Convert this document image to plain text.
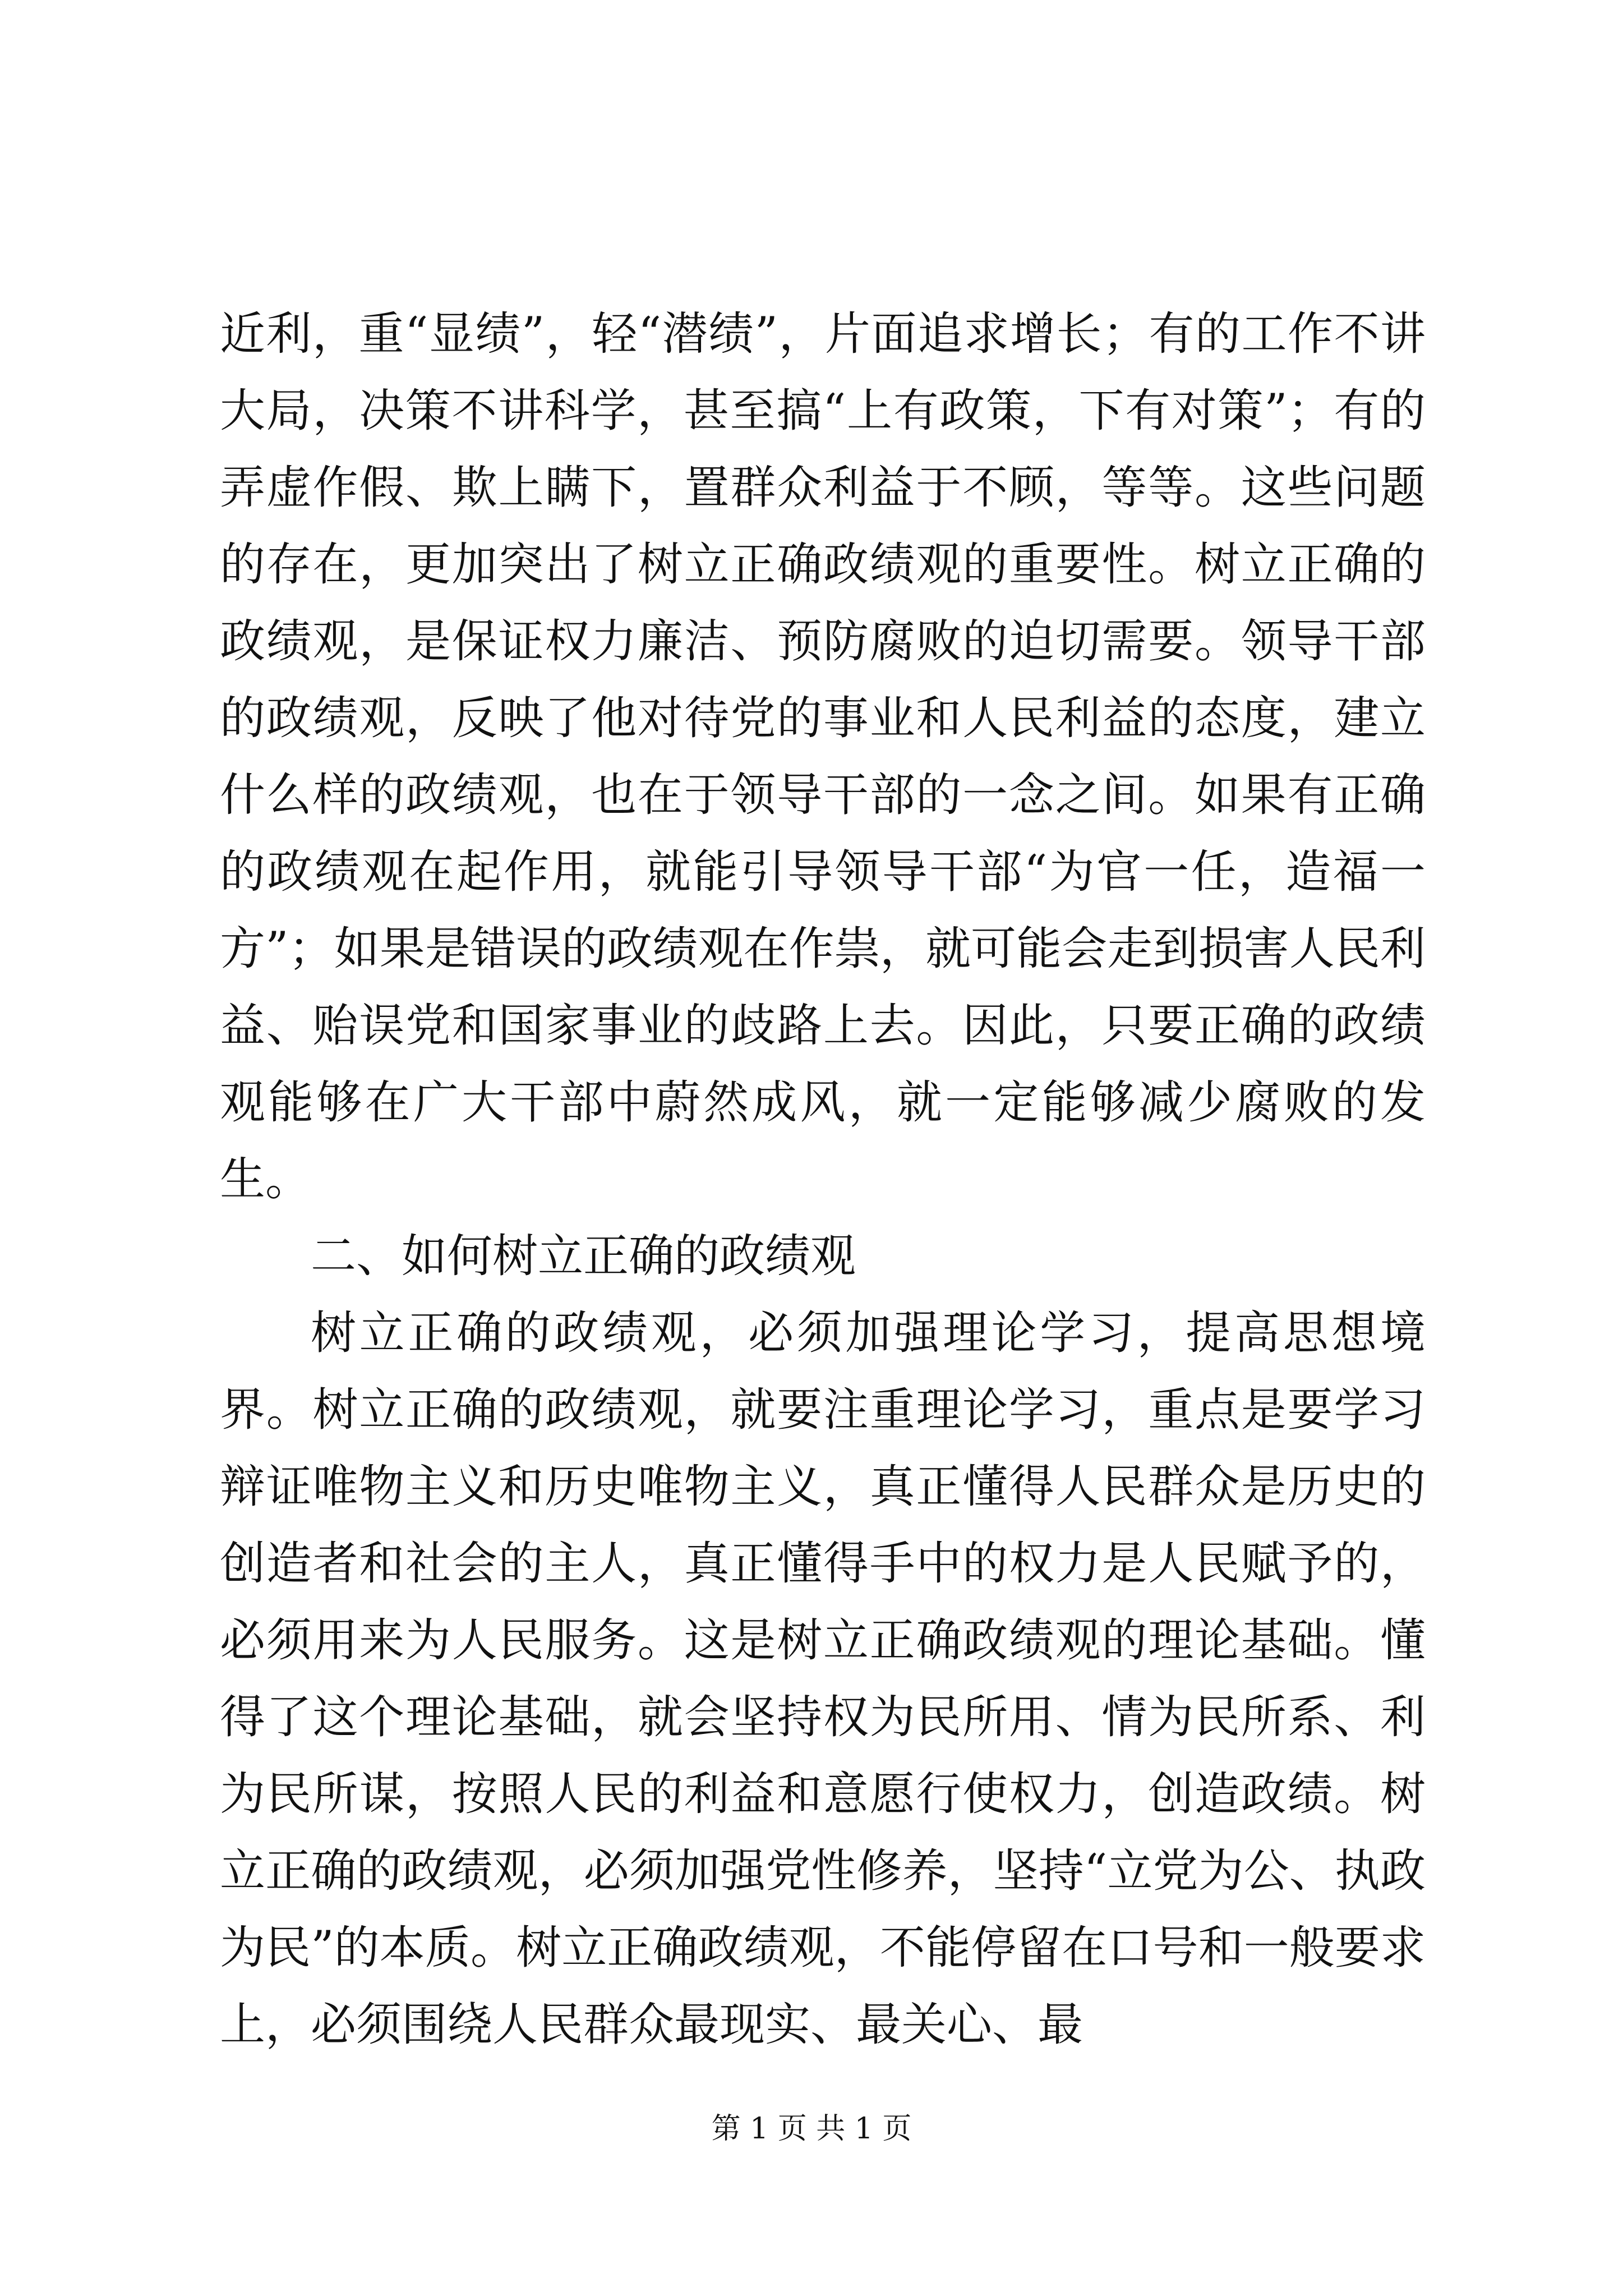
近利，重“显绩”，轻“潜绩”，片面追求增长；有的工作不讲大局，决策不讲科学，甚至搞“上有政策，下有对策”；有的弄虚作假、欺上瞒下，置群众利益于不顾，等等。这些问题的存在，更加突出了树立正确政绩观的重要性。树立正确的政绩观，是保证权力廉洁、预防腐败的迫切需要。领导干部的政绩观，反映了他对待党的事业和人民利益的态度，建立什么样的政绩观，也在于领导干部的一念之间。如果有正确的政绩观在起作用，就能引导领导干部“为官一任，造福一方”；如果是错误的政绩观在作祟，就可能会走到损害人民利益、贻误党和国家事业的歧路上去。因此，只要正确的政绩观能够在广大干部中蔚然成风，就一定能够减少腐败的发生。

二、如何树立正确的政绩观

树立正确的政绩观，必须加强理论学习，提高思想境界。树立正确的政绩观，就要注重理论学习，重点是要学习辩证唯物主义和历史唯物主义，真正懂得人民群众是历史的创造者和社会的主人，真正懂得手中的权力是人民赋予的，必须用来为人民服务。这是树立正确政绩观的理论基础。懂得了这个理论基础，就会坚持权为民所用、情为民所系、利为民所谋，按照人民的利益和意愿行使权力，创造政绩。树立正确的政绩观，必须加强党性修养，坚持“立党为公、执政为民”的本质。树立正确政绩观，不能停留在口号和一般要求上，必须围绕人民群众最现实、最关心、最

第 1 页 共 1 页
